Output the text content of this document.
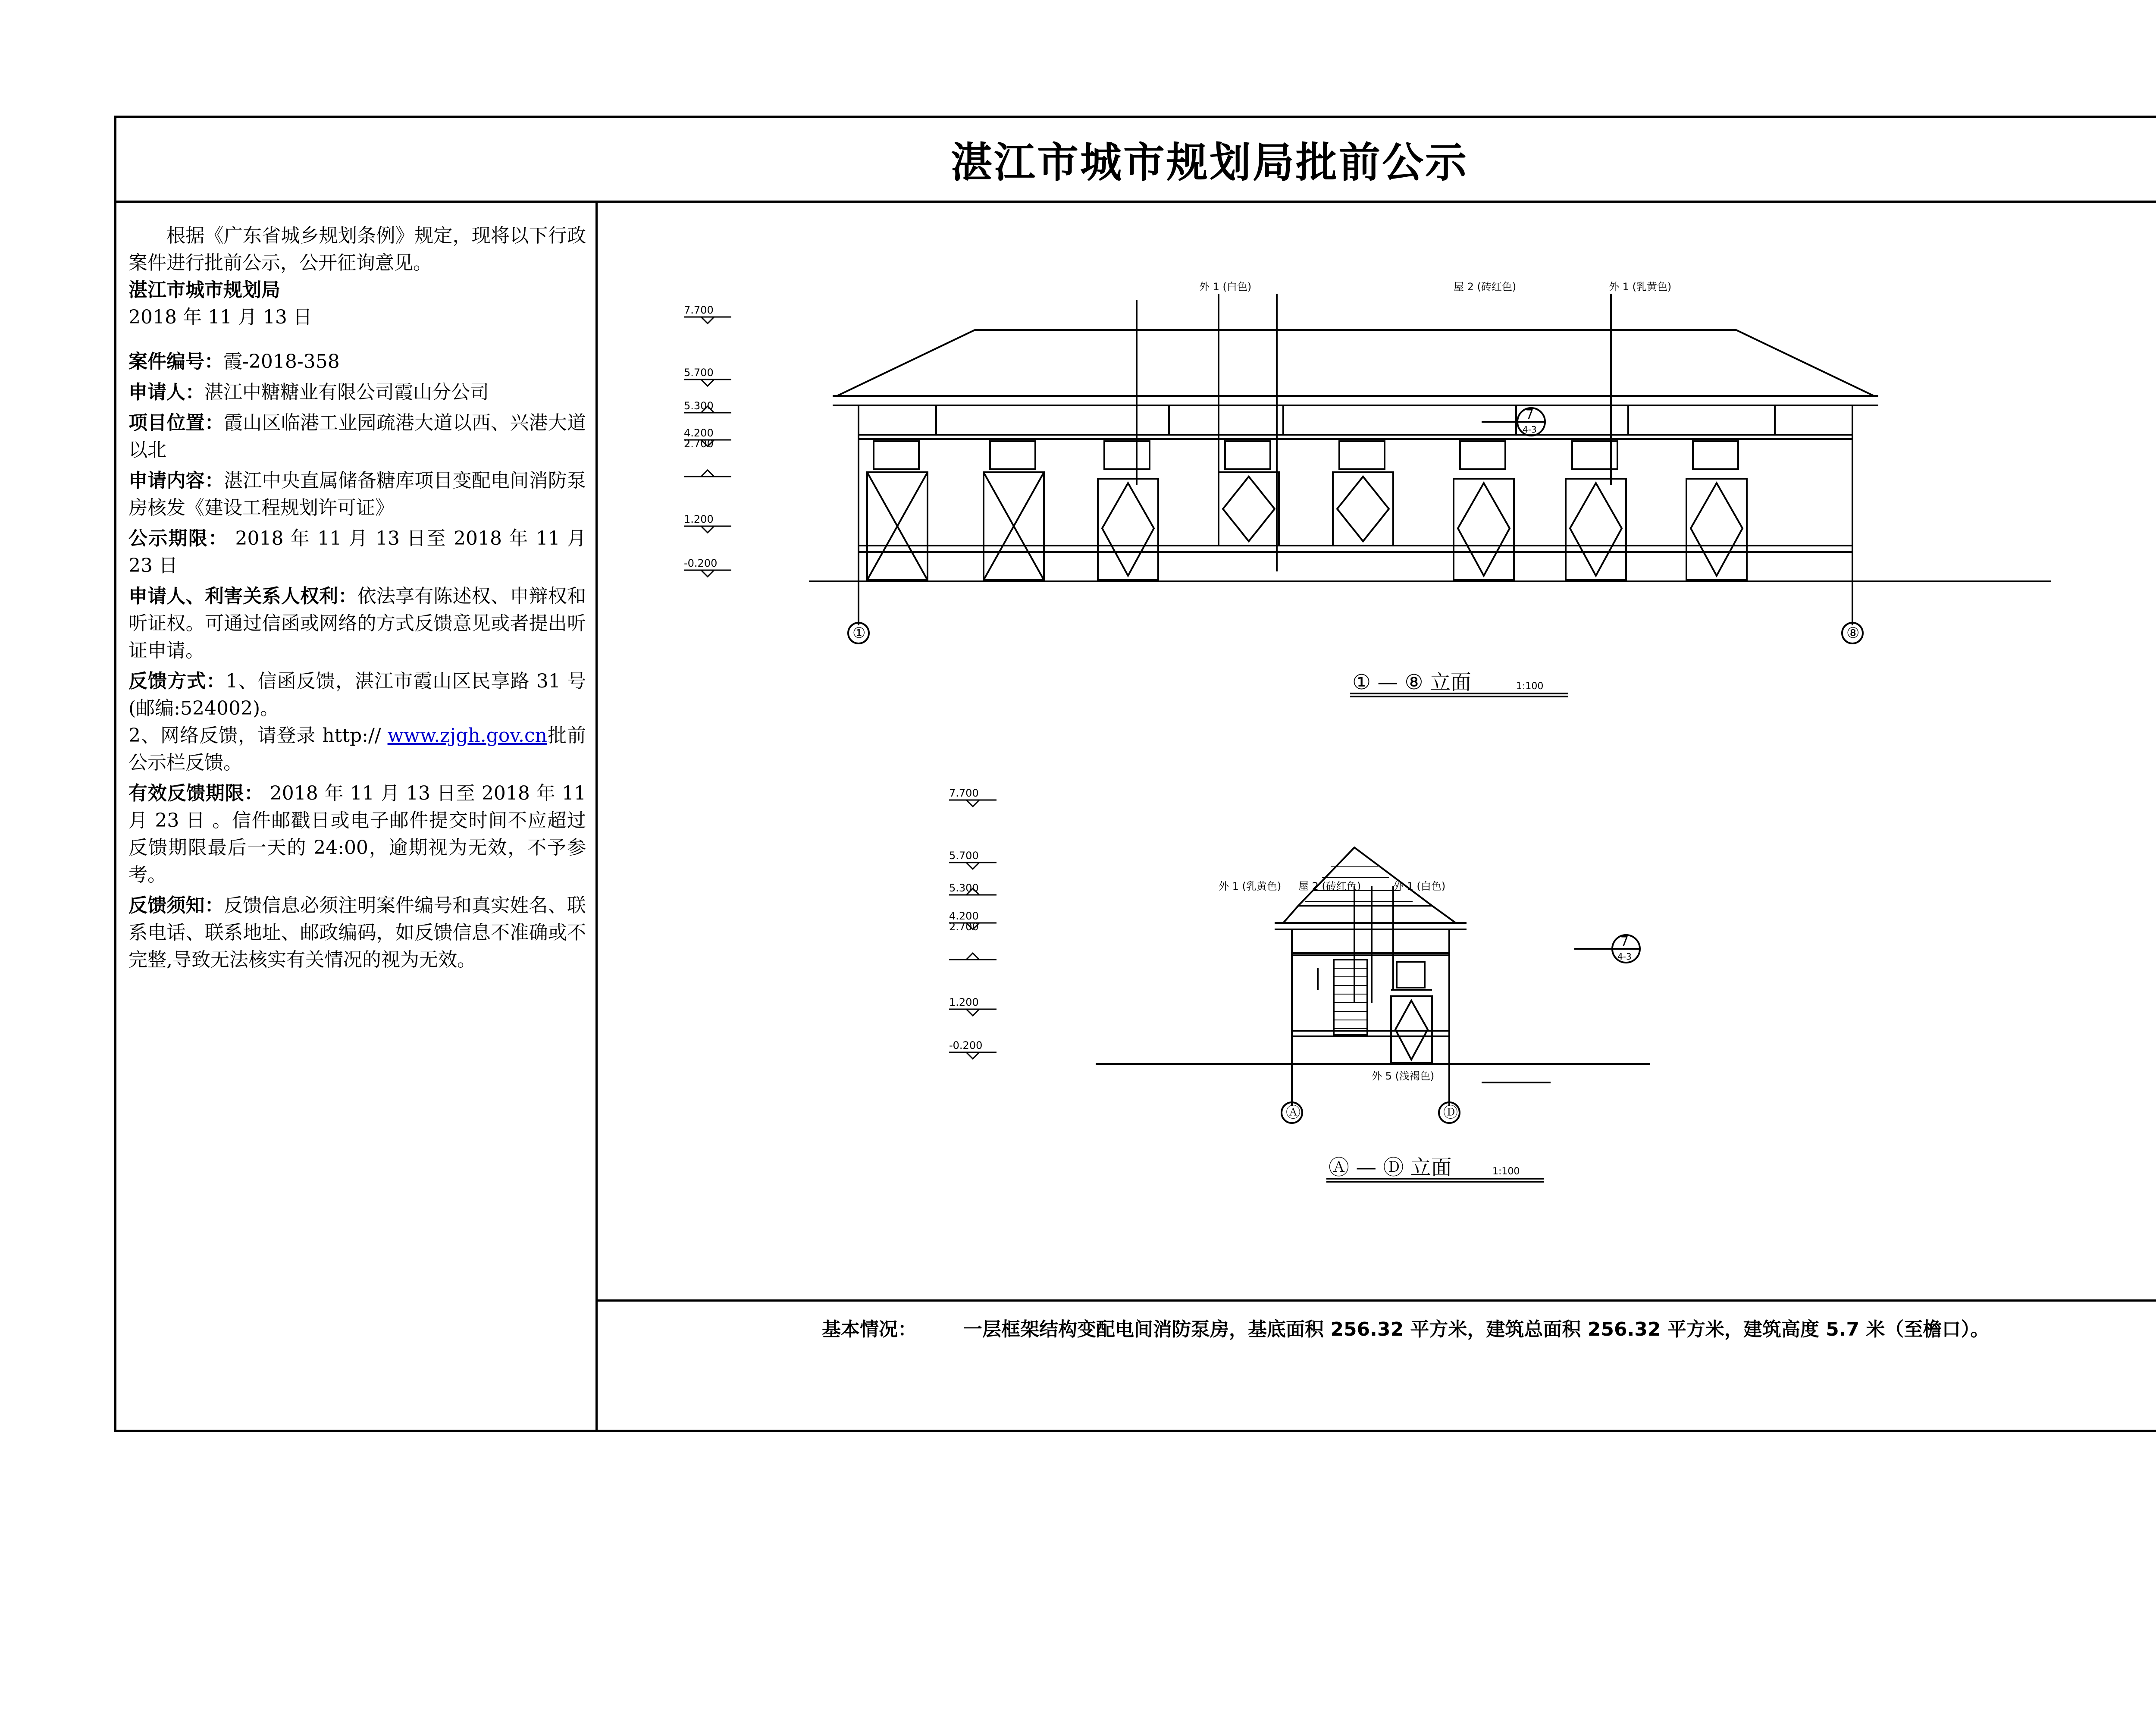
湛江市城市规划局批前公示

根据《广东省城乡规划条例》规定，现将以下行政案件进行批前公示，公开征询意见。

湛江市城市规划局

2018 年 11 月 13 日

案件编号：霞-2018-358

申请人：湛江中糖糖业有限公司霞山分公司

项目位置：霞山区临港工业园疏港大道以西、兴港大道以北

申请内容：湛江中央直属储备糖库项目变配电间消防泵房核发《建设工程规划许可证》

公示期限： 2018 年 11 月 13 日至 2018 年 11 月 23 日

申请人、利害关系人权利：依法享有陈述权、申辩权和听证权。可通过信函或网络的方式反馈意见或者提出听证申请。

反馈方式：1、信函反馈，湛江市霞山区民享路 31 号(邮编:524002)。

2、网络反馈，请登录 http:// www.zjgh.gov.cn批前公示栏反馈。

有效反馈期限： 2018 年 11 月 13 日至 2018 年 11 月 23 日 。信件邮戳日或电子邮件提交时间不应超过反馈期限最后一天的 24:00，逾期视为无效，不予参考。

反馈须知：反馈信息必须注明案件编号和真实姓名、联系电话、联系地址、邮政编码，如反馈信息不准确或不完整,导致无法核实有关情况的视为无效。

7.700
5.700
5.300
4.200
2.700
1.200
-0.200
外 1 (白色)	屋 2 (砖红色)	外 1 (乳黄色)
7
4-3
①	⑧
① — ⑧ 立面	1:100
7.700
5.700
5.300
4.200
2.700
1.200
-0.200
外 1 (乳黄色) 屋 2 (砖红色)	外 1 (白色)
外 5 (浅褐色)
7
4-3
Ⓐ	Ⓓ
Ⓐ — Ⓓ 立面	1:100
基本情况： 一层框架结构变配电间消防泵房，基底面积 256.32 平方米，建筑总面积 256.32 平方米，建筑高度 5.7 米（至檐口）。
